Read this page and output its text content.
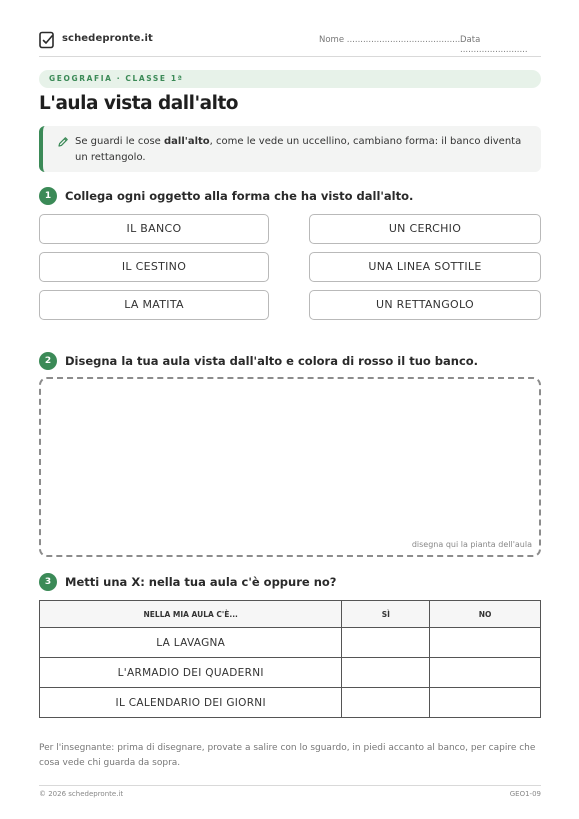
schedepronte.it	Nome .......................................... Data .........................
GEOGRAFIA · CLASSE 1ª
L'aula vista dall'alto

Se guardi le cose dall'alto, come le vede un uccellino, cambiano forma: il banco diventa un rettangolo.

1	Collega ogni oggetto alla forma che ha visto dall'alto.
IL BANCO
IL CESTINO
LA MATITA
UN CERCHIO
UNA LINEA SOTTILE
UN RETTANGOLO
2	Disegna la tua aula vista dall'alto e colora di rosso il tuo banco.
disegna qui la pianta dell'aula
3	Metti una X: nella tua aula c'è oppure no?
NELLA MIA AULA C'È...	SÌ	NO
LA LAVAGNA		
L'ARMADIO DEI QUADERNI		
IL CALENDARIO DEI GIORNI		

Per l'insegnante: prima di disegnare, provate a salire con lo sguardo, in piedi accanto al banco, per capire che cosa vede chi guarda da sopra.

© 2026 schedepronte.it	GEO1-09
